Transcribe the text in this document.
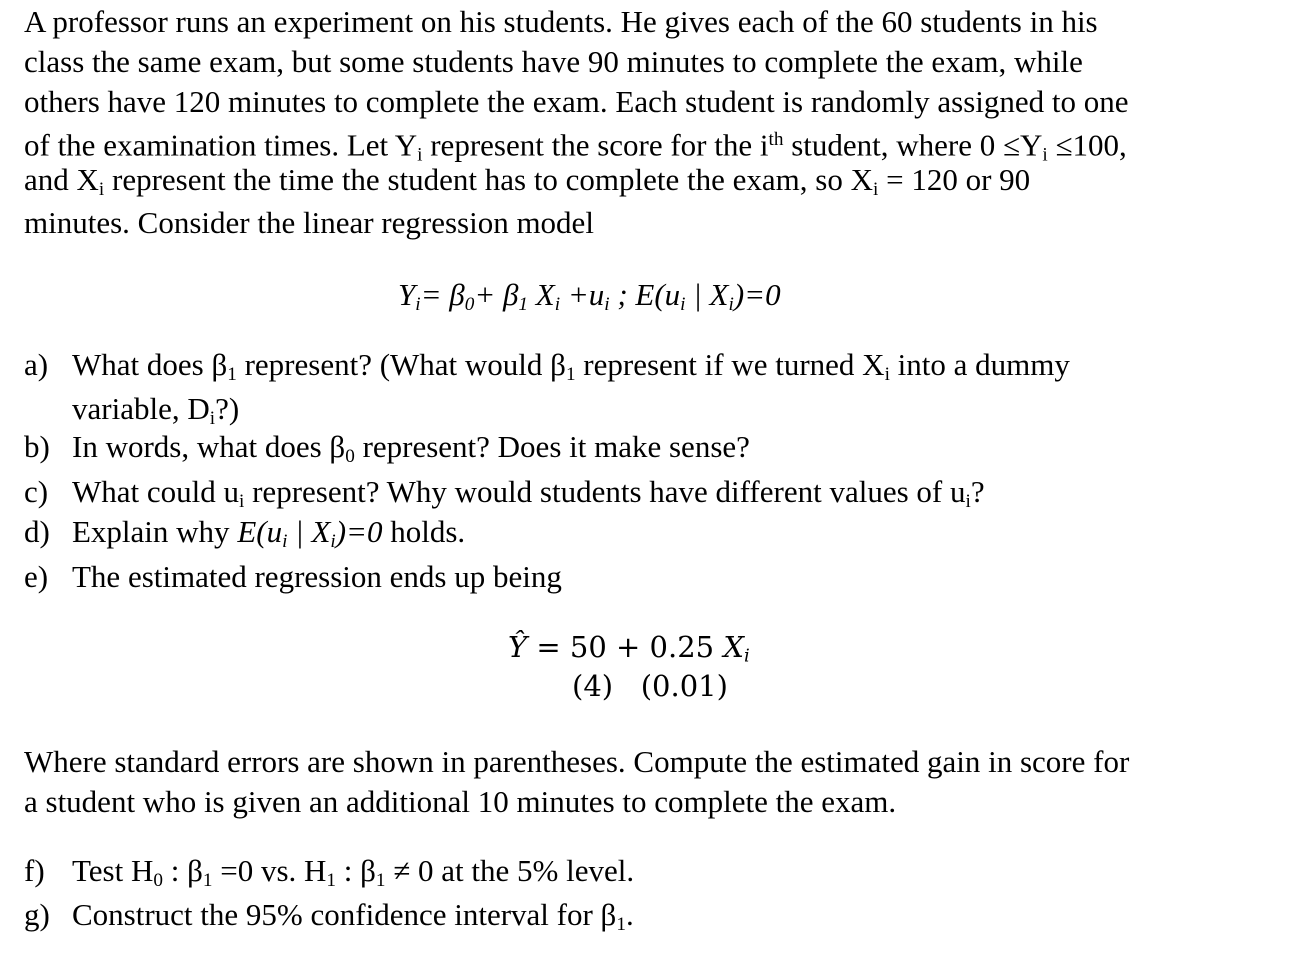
A professor runs an experiment on his students. He gives each of the 60 students in his
class the same exam, but some students have 90 minutes to complete the exam, while
others have 120 minutes to complete the exam. Each student is randomly assigned to one
of the examination times. Let $Y_i$ represent the score for the $i^{th}$ student, where $0 \le Y_i \le 100$,
and $X_i$ represent the time the student has to complete the exam, so $X_i = 120$ or 90
minutes. Consider the linear regression model
$Y_i= \beta_0+ \beta_1$ $X_i +u_i$ ; $E(u_i$ | $X_i)=0$
a) What does $\beta_1$ represent? (What would $\beta_1$ represent if we turned $X_i$ into a dummy
variable, $D_i$?)
b) In words, what does $\beta_0$ represent? Does it make sense?
c) What could $u_i$ represent? Why would students have different values of $u_i$?
d) Explain why $E(u_i$ | $X_i)=0$ holds.
e) The estimated regression ends up being
Ŷ = 50 + 0.25 $X_i$
(4)   (0.01)
Where standard errors are shown in parentheses. Compute the estimated gain in score for
a student who is given an additional 10 minutes to complete the exam.
f) Test $H_0$ : $\beta_1 =0$ vs. $H_1$ : $\beta_1 \ne 0$ at the 5% level.
g) Construct the 95% confidence interval for $\beta_1$.
